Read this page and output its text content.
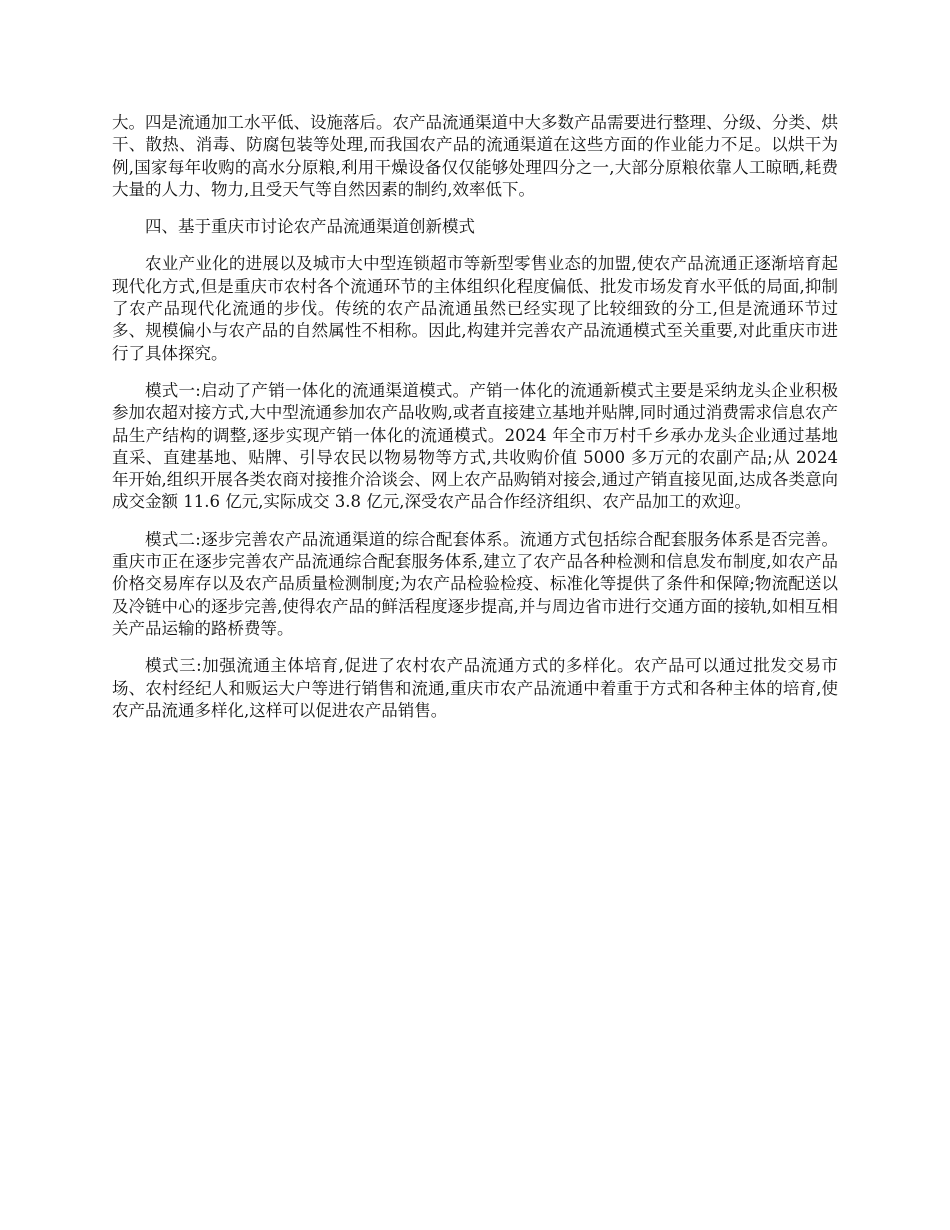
大。四是流通加工水平低、设施落后。农产品流通渠道中大多数产品需要进行整理、分级、分类、烘干、散热、消毒、防腐包装等处理,而我国农产品的流通渠道在这些方面的作业能力不足。以烘干为例,国家每年收购的高水分原粮,利用干燥设备仅仅能够处理四分之一,大部分原粮依靠人工晾晒,耗费大量的人力、物力,且受天气等自然因素的制约,效率低下。

四、基于重庆市讨论农产品流通渠道创新模式

农业产业化的进展以及城市大中型连锁超市等新型零售业态的加盟,使农产品流通正逐渐培育起现代化方式,但是重庆市农村各个流通环节的主体组织化程度偏低、批发市场发育水平低的局面,抑制了农产品现代化流通的步伐。传统的农产品流通虽然已经实现了比较细致的分工,但是流通环节过多、规模偏小与农产品的自然属性不相称。因此,构建并完善农产品流通模式至关重要,对此重庆市进行了具体探究。

模式一:启动了产销一体化的流通渠道模式。产销一体化的流通新模式主要是采纳龙头企业积极参加农超对接方式,大中型流通参加农产品收购,或者直接建立基地并贴牌,同时通过消费需求信息农产品生产结构的调整,逐步实现产销一体化的流通模式。2024 年全市万村千乡承办龙头企业通过基地直采、直建基地、贴牌、引导农民以物易物等方式,共收购价值 5000 多万元的农副产品;从 2024 年开始,组织开展各类农商对接推介洽谈会、网上农产品购销对接会,通过产销直接见面,达成各类意向成交金额 11.6 亿元,实际成交 3.8 亿元,深受农产品合作经济组织、农产品加工的欢迎。

模式二:逐步完善农产品流通渠道的综合配套体系。流通方式包括综合配套服务体系是否完善。重庆市正在逐步完善农产品流通综合配套服务体系,建立了农产品各种检测和信息发布制度,如农产品价格交易库存以及农产品质量检测制度;为农产品检验检疫、标准化等提供了条件和保障;物流配送以及冷链中心的逐步完善,使得农产品的鲜活程度逐步提高,并与周边省市进行交通方面的接轨,如相互相关产品运输的路桥费等。

模式三:加强流通主体培育,促进了农村农产品流通方式的多样化。农产品可以通过批发交易市场、农村经纪人和贩运大户等进行销售和流通,重庆市农产品流通中着重于方式和各种主体的培育,使农产品流通多样化,这样可以促进农产品销售。
